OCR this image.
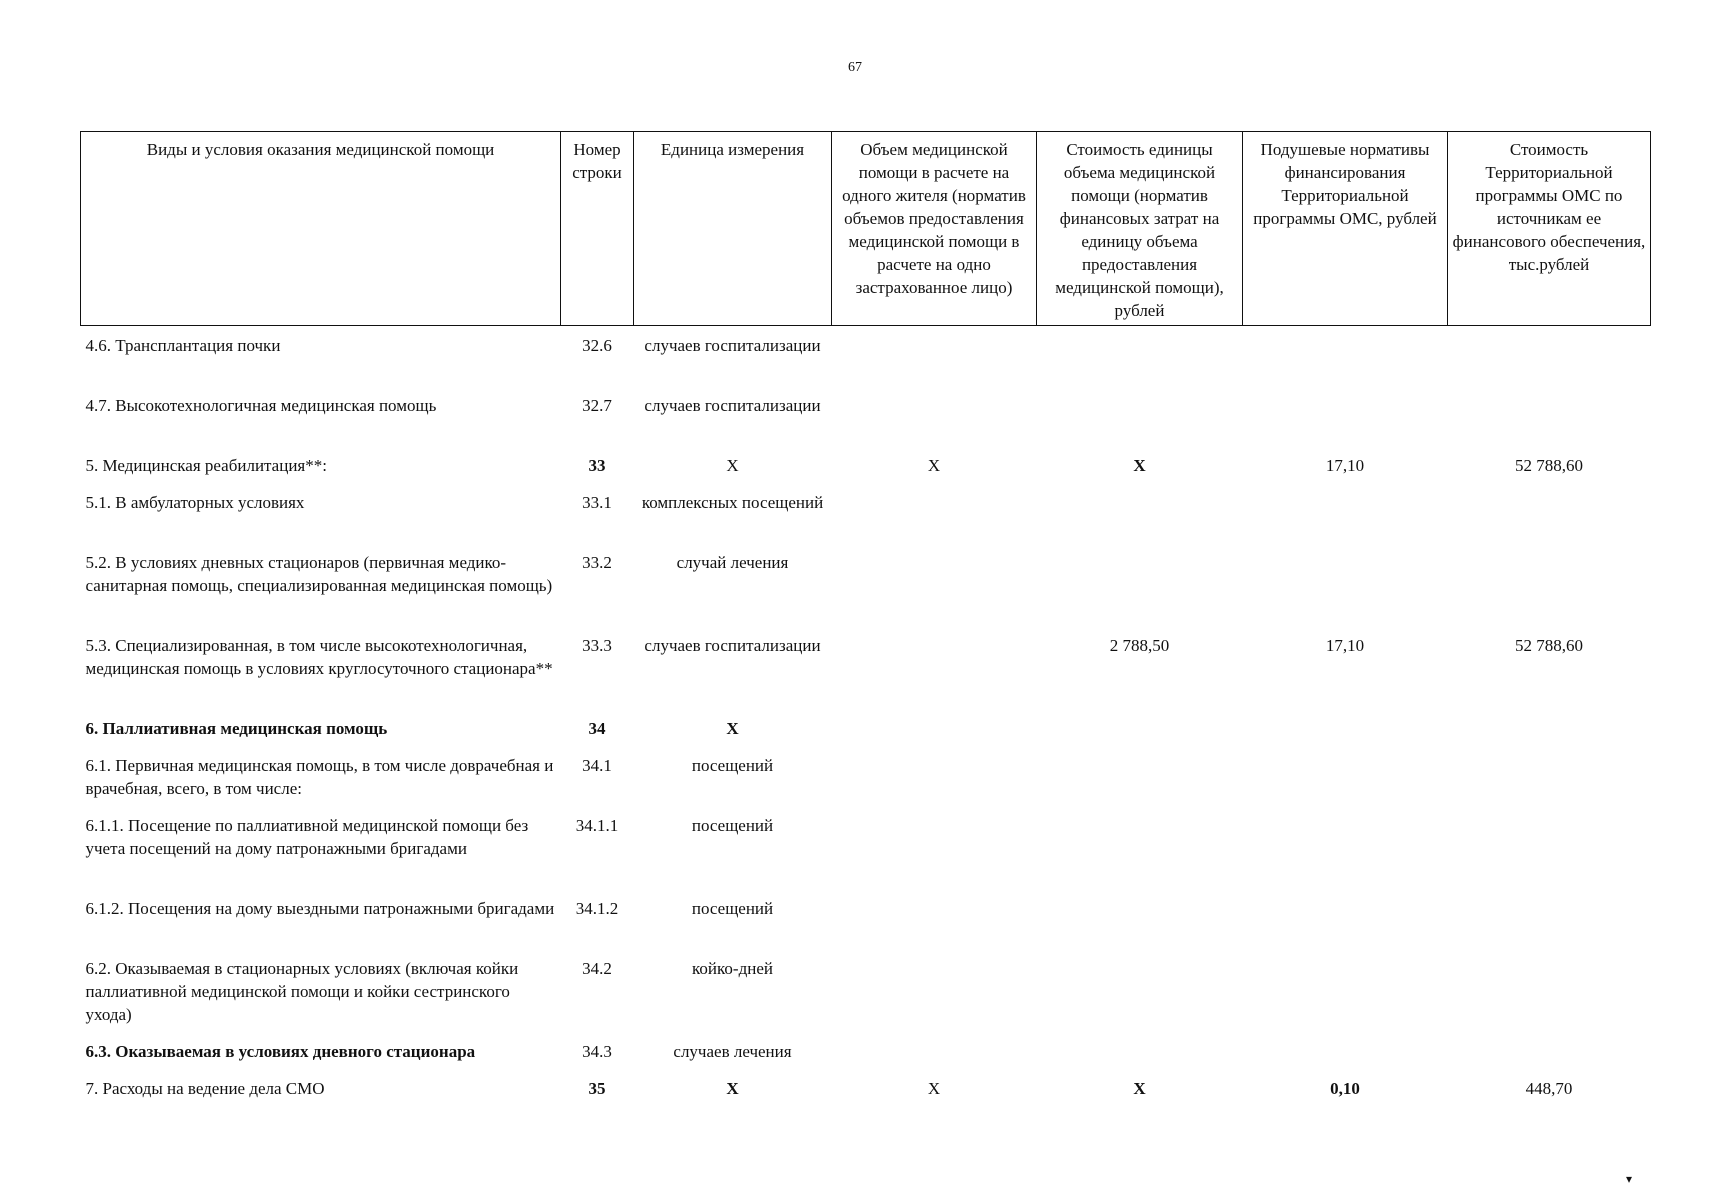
67
Виды и условия оказания медицинской помощи	Номер строки	Единица измерения	Объем медицинской помощи в расчете на одного жителя (норматив объемов предоставления медицинской помощи в расчете на одно застрахованное лицо)	Стоимость единицы объема медицинской помощи (норматив финансовых затрат на единицу объема предоставления медицинской помощи), рублей	Подушевые нормативы финансирования Территориальной программы ОМС, рублей	Стоимость Территориальной программы ОМС по источникам ее финансового обеспечения, тыс.рублей
4.6. Трансплантация почки	32.6	случаев госпитализации				
4.7. Высокотехнологичная медицинская помощь	32.7	случаев госпитализации				
5. Медицинская реабилитация**:	33	X	X	X	17,10	52 788,60
5.1. В амбулаторных условиях	33.1	комплексных посещений				
5.2. В условиях дневных стационаров (первичная медико-санитарная помощь, специализированная медицинская помощь)	33.2	случай лечения				
5.3. Специализированная, в том числе высокотехнологичная, медицинская помощь в условиях круглосуточного стационара**	33.3	случаев госпитализации		2 788,50	17,10	52 788,60
6. Паллиативная медицинская помощь	34	X				
6.1. Первичная медицинская помощь, в том числе доврачебная и врачебная, всего, в том числе:	34.1	посещений				
6.1.1. Посещение по паллиативной медицинской помощи без учета посещений на дому патронажными бригадами	34.1.1	посещений				
6.1.2. Посещения на дому выездными патронажными бригадами	34.1.2	посещений				
6.2. Оказываемая в стационарных условиях (включая койки паллиативной медицинской помощи и койки сестринского ухода)	34.2	койко-дней				
6.3. Оказываемая в условиях дневного стационара	34.3	случаев лечения				
7. Расходы на ведение дела СМО	35	X	X	X	0,10	448,70
▾
